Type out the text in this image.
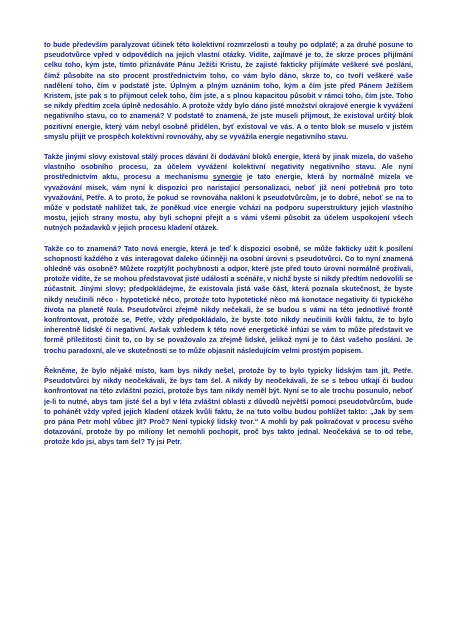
to bude především paralyzovat účinek této kolektivní rozmrzelosti a touhy po odplatě; a za druhé posune to pseudotvůrce vpřed v odpovědích na jejich vlastní otázky. Vidíte, zajímavé je to, že skrze proces přijímání celku toho, kým jste, tímto přiznáváte Pánu Ježíši Kristu, že zajisté fakticky přijímáte veškeré své poslání, čímž působíte na sto procent prostřednictvím toho, co vám bylo dáno, skrze to, co tvoří veškeré vaše nadělení toho, čím v podstatě jste. Úplným a plným uznáním toho, kým a čím jste před Pánem Ježíšem Kristem, jste pak s to přijmout celek toho, čím jste, a s plnou kapacitou působit v rámci toho, čím jste. Toho se nikdy předtím zcela úplně nedosáhlo. A protože vždy bylo dáno jisté množství okrajové energie k vyvážení negativního stavu, co to znamená? V podstatě to znamená, že jste museli přijmout, že existoval určitý blok pozitivní energie, který vám nebyl osobně přidělen, byť existoval ve vás. A o tento blok se muselo v jistém smyslu přijít ve prospěch kolektivní rovnováhy, aby se vyvážila energie negativního stavu.

Takže jinými slovy existoval stálý proces dávání či dodávání bloků energie, která by jinak mizela, do vašeho vlastního osobního procesu, za účelem vyvážení kolektivní negativity negativního stavu. Ale nyní prostřednictvím aktu, procesu a mechanismu synergie je tato energie, která by normálně mizela ve vyvažování misek, vám nyní k dispozici pro naristajicí personalizaci, neboť již není potřebná pro toto vyvažování, Petře. A to proto, že pokud se rovnováha nakloní k pseudotvůrcům, je to dobré, neboť se na to může v podstatě nahlížet tak, že poněkud více energie vchází na podporu superstruktury jejich vlastního mostu, jejich strany mostu, aby byli schopni přejít a s vámi všemi působit za účelem uspokojení všech nutných požadavků v jejich procesu kladení otázek.

Takže co to znamená? Tato nová energie, která je teď k dispozici osobně, se může fakticky užít k posílení schopností každého z vás interagovat daleko účinněji na osobní úrovni s pseudotvůrci. Co to nyní znamená ohledně vás osobně? Můžete rozptýlit pochybnosti a odpor, které jste před touto úrovní normálně prožívali, protože vidíte, že se mohou představovat jisté události a scénáře, v nichž byste si nikdy předtím nedovolili se zúčastnit. Jinými slovy; předpokládejme, že existovala jistá vaše část, která poznala skutečnost, že byste nikdy neučinili něco - hypotetické něco, protože toto hypotetické něco má konotace negativity či typického života na planetě Nula. Pseudotvůrci zřejmě nikdy nečekali, že se budou s vámi na této jednotlivé frontě konfrontovat, protože se, Petře, vždy předpokládalo, že byste toto nikdy neučinili kvůli faktu, že to bylo inherentně lidské či negativní. Avšak vzhledem k této nové energetické infúzi se vám to může představit ve formě příležitosti činit to, co by se považovalo za zřejmě lidské, jelikož nyní je to část vašeho poslání. Je trochu paradoxní, ale ve skutečnosti se to může objasnit následujícím velmi prostým popisem.

Řekněme, že bylo nějaké místo, kam bys nikdy nešel, protože by to bylo typicky lidským tam jít, Petře. Pseudotvůrci by nikdy neočekávali, že bys tam šel. A nikdy by neočekávali, že se s tebou utkají či budou konfrontovat na této zvláštní pozici, protože bys tam nikdy neměl být. Nyní se to ale trochu posunulo, neboť je-li to nutné, abys tam jisté šel a byl v léta zvláštní oblasti z důvodů největší pomoci pseudotvůrcům, bude to pohánět vždy vpřed jejich kladení otázek kvůli faktu, že na tuto volbu budou pohlížet takto: „Jak by sem pro pána Petr mohl vůbec jít? Proč? Není typický lidský tvor.“ A mohli by pak pokračovat v procesu svého dotazování, protože by po miliony let nemohli pochopit, proč bys takto jednal. Neočekává se to od tebe, protože kdo jsi, abys tam šel? Ty jsi Petr.
